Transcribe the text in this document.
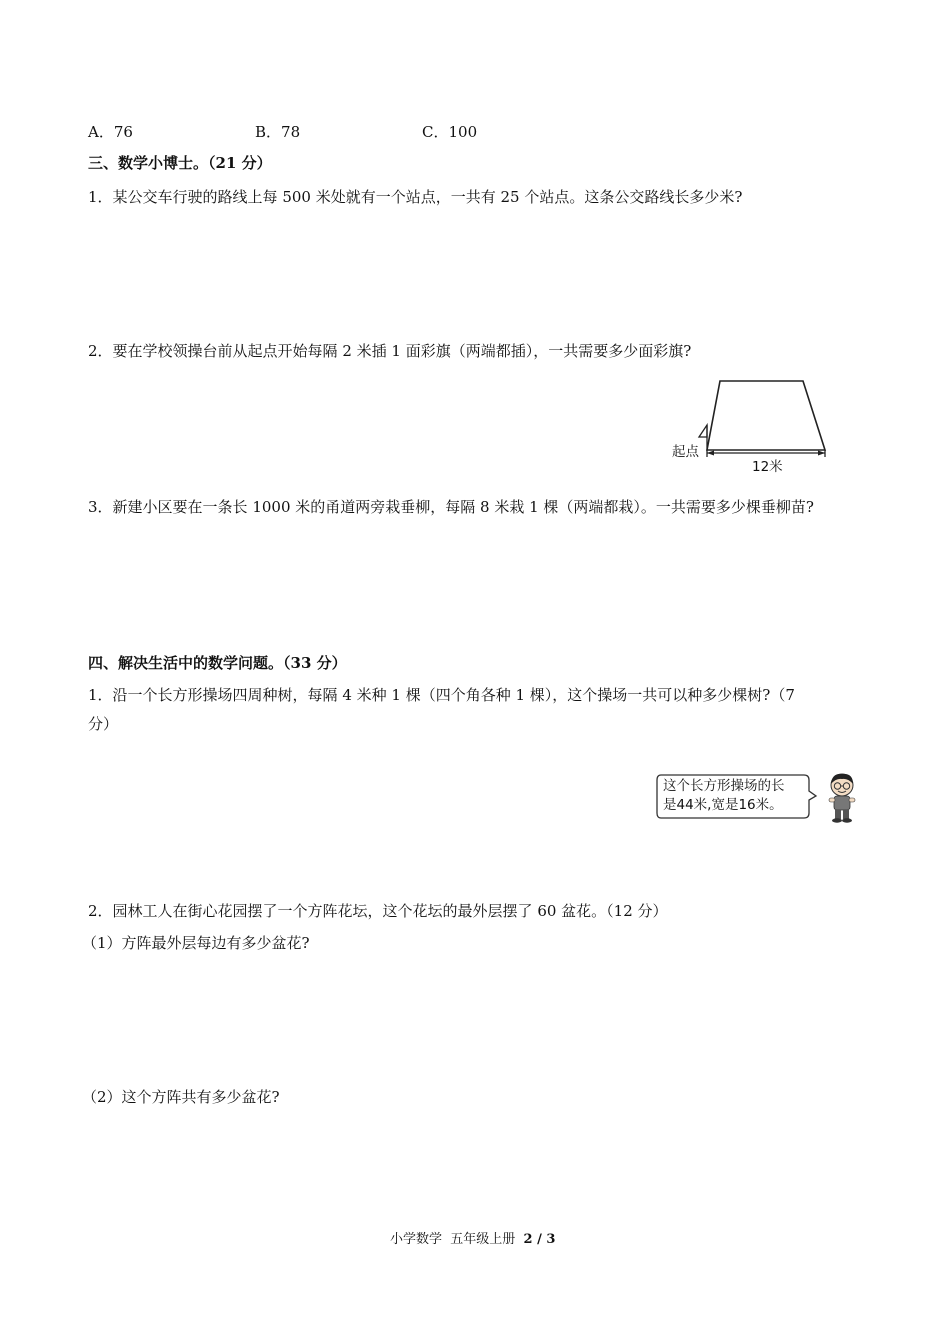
A．76	B．78	C．100
三、数学小博士。（21 分）
1．某公交车行驶的路线上每 500 米处就有一个站点，一共有 25 个站点。这条公交路线长多少米?
2．要在学校领操台前从起点开始每隔 2 米插 1 面彩旗（两端都插），一共需要多少面彩旗?
起点
12米
3．新建小区要在一条长 1000 米的甬道两旁栽垂柳，每隔 8 米栽 1 棵（两端都栽）。一共需要多少棵垂柳苗?
四、解决生活中的数学问题。（33 分）
1．沿一个长方形操场四周种树，每隔 4 米种 1 棵（四个角各种 1 棵），这个操场一共可以种多少棵树?（7
分）
这个长方形操场的长
是44米,宽是16米。
2．园林工人在街心花园摆了一个方阵花坛，这个花坛的最外层摆了 60 盆花。（12 分）
（1）方阵最外层每边有多少盆花?
（2）这个方阵共有多少盆花?
小学数学  五年级上册  2 / 3
